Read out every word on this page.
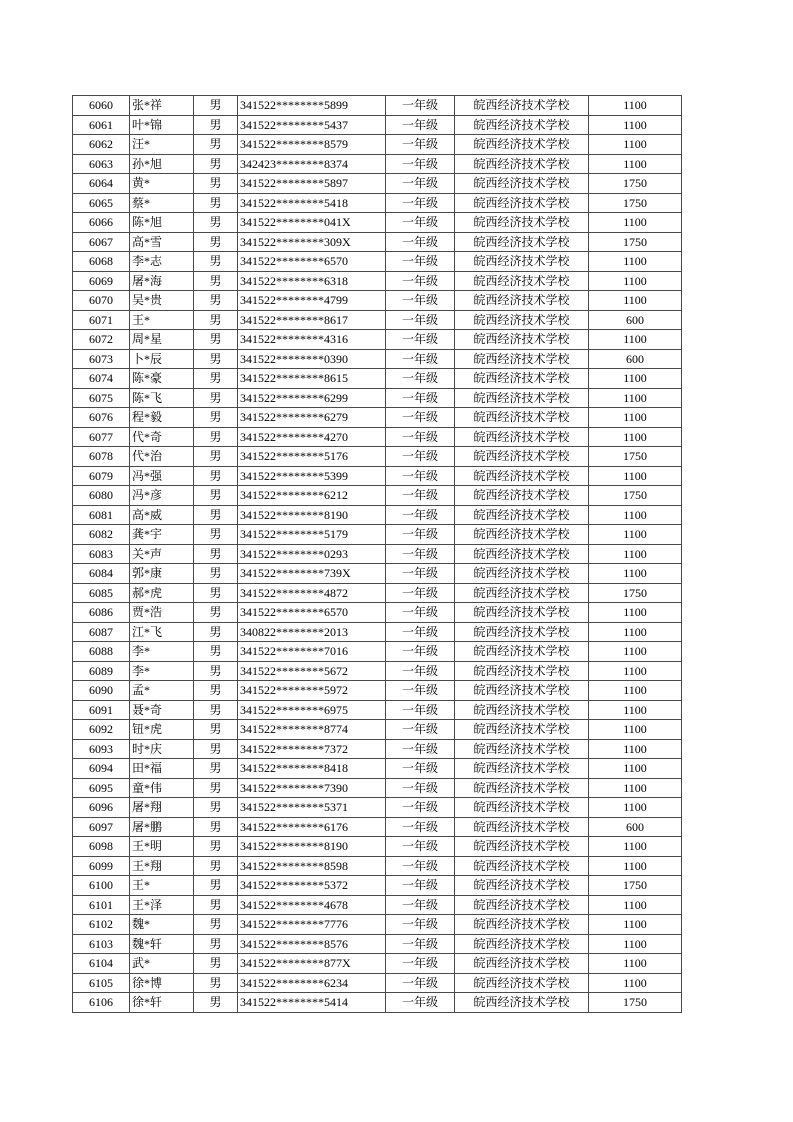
6060	张*祥	男	341522********5899	一年级	皖西经济技术学校	1100
6061	叶*锦	男	341522********5437	一年级	皖西经济技术学校	1100
6062	汪*	男	341522********8579	一年级	皖西经济技术学校	1100
6063	孙*旭	男	342423********8374	一年级	皖西经济技术学校	1100
6064	黄*	男	341522********5897	一年级	皖西经济技术学校	1750
6065	蔡*	男	341522********5418	一年级	皖西经济技术学校	1750
6066	陈*旭	男	341522********041X	一年级	皖西经济技术学校	1100
6067	高*雪	男	341522********309X	一年级	皖西经济技术学校	1750
6068	李*志	男	341522********6570	一年级	皖西经济技术学校	1100
6069	屠*海	男	341522********6318	一年级	皖西经济技术学校	1100
6070	吴*贵	男	341522********4799	一年级	皖西经济技术学校	1100
6071	王*	男	341522********8617	一年级	皖西经济技术学校	600
6072	周*星	男	341522********4316	一年级	皖西经济技术学校	1100
6073	卜*辰	男	341522********0390	一年级	皖西经济技术学校	600
6074	陈*豪	男	341522********8615	一年级	皖西经济技术学校	1100
6075	陈*飞	男	341522********6299	一年级	皖西经济技术学校	1100
6076	程*毅	男	341522********6279	一年级	皖西经济技术学校	1100
6077	代*奇	男	341522********4270	一年级	皖西经济技术学校	1100
6078	代*治	男	341522********5176	一年级	皖西经济技术学校	1750
6079	冯*强	男	341522********5399	一年级	皖西经济技术学校	1100
6080	冯*彦	男	341522********6212	一年级	皖西经济技术学校	1750
6081	高*威	男	341522********8190	一年级	皖西经济技术学校	1100
6082	龚*宇	男	341522********5179	一年级	皖西经济技术学校	1100
6083	关*声	男	341522********0293	一年级	皖西经济技术学校	1100
6084	郭*康	男	341522********739X	一年级	皖西经济技术学校	1100
6085	郝*虎	男	341522********4872	一年级	皖西经济技术学校	1750
6086	贾*浩	男	341522********6570	一年级	皖西经济技术学校	1100
6087	江*飞	男	340822********2013	一年级	皖西经济技术学校	1100
6088	李*	男	341522********7016	一年级	皖西经济技术学校	1100
6089	李*	男	341522********5672	一年级	皖西经济技术学校	1100
6090	孟*	男	341522********5972	一年级	皖西经济技术学校	1100
6091	聂*奇	男	341522********6975	一年级	皖西经济技术学校	1100
6092	钮*虎	男	341522********8774	一年级	皖西经济技术学校	1100
6093	时*庆	男	341522********7372	一年级	皖西经济技术学校	1100
6094	田*福	男	341522********8418	一年级	皖西经济技术学校	1100
6095	童*伟	男	341522********7390	一年级	皖西经济技术学校	1100
6096	屠*翔	男	341522********5371	一年级	皖西经济技术学校	1100
6097	屠*鹏	男	341522********6176	一年级	皖西经济技术学校	600
6098	王*明	男	341522********8190	一年级	皖西经济技术学校	1100
6099	王*翔	男	341522********8598	一年级	皖西经济技术学校	1100
6100	王*	男	341522********5372	一年级	皖西经济技术学校	1750
6101	王*泽	男	341522********4678	一年级	皖西经济技术学校	1100
6102	魏*	男	341522********7776	一年级	皖西经济技术学校	1100
6103	魏*轩	男	341522********8576	一年级	皖西经济技术学校	1100
6104	武*	男	341522********877X	一年级	皖西经济技术学校	1100
6105	徐*博	男	341522********6234	一年级	皖西经济技术学校	1100
6106	徐*轩	男	341522********5414	一年级	皖西经济技术学校	1750
